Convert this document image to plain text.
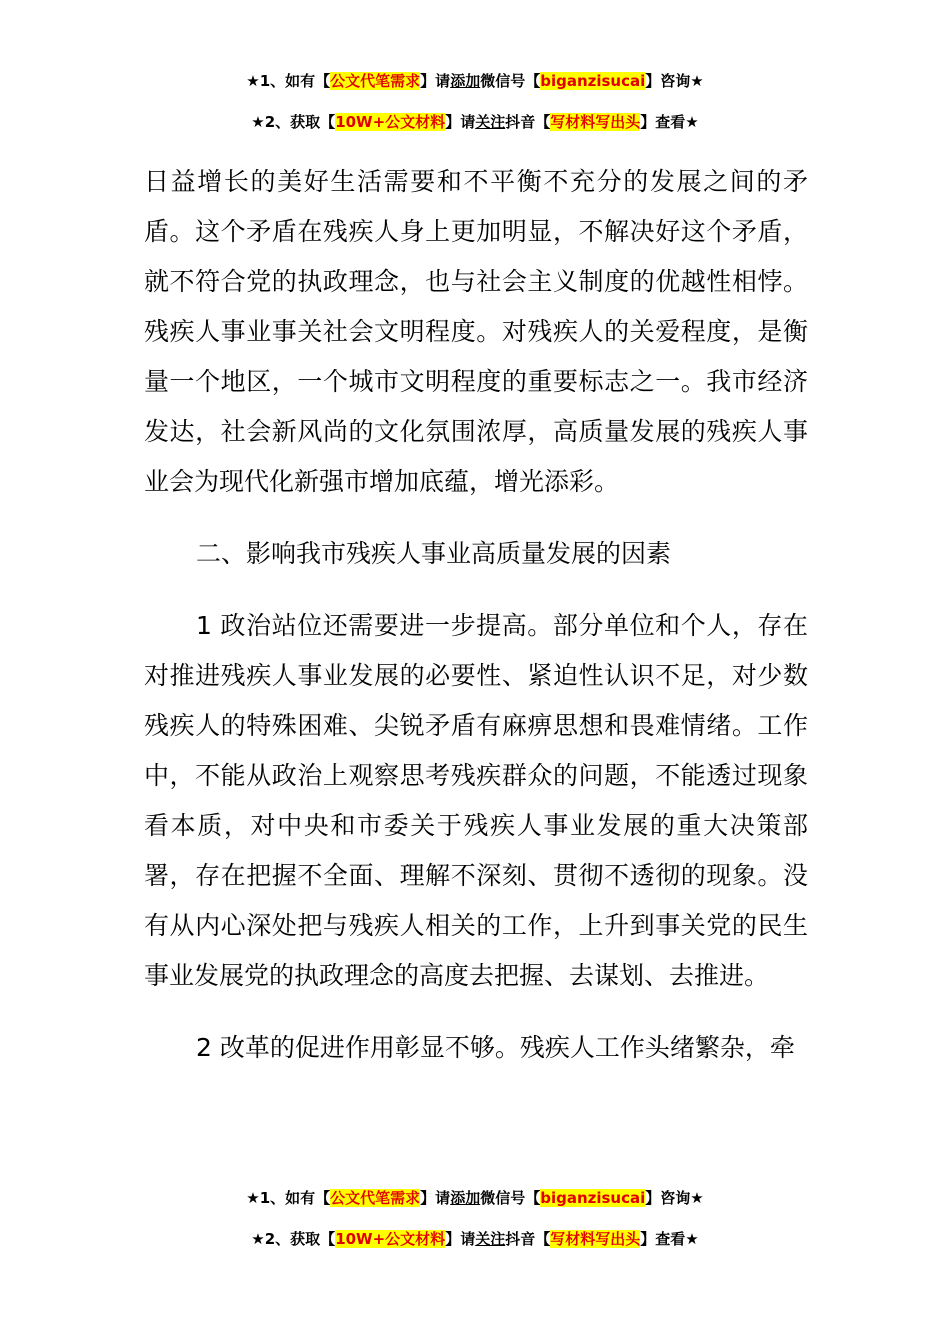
★1、如有【公文代笔需求】请添加微信号【biganzisucai】咨询★
★2、获取【10W+公文材料】请关注抖音【写材料写出头】查看★

日益增长的美好生活需要和不平衡不充分的发展之间的矛盾。这个矛盾在残疾人身上更加明显，不解决好这个矛盾，就不符合党的执政理念，也与社会主义制度的优越性相悖。残疾人事业事关社会文明程度。对残疾人的关爱程度，是衡量一个地区，一个城市文明程度的重要标志之一。我市经济发达，社会新风尚的文化氛围浓厚，高质量发展的残疾人事业会为现代化新强市增加底蕴，增光添彩。

二、影响我市残疾人事业高质量发展的因素

1 政治站位还需要进一步提高。部分单位和个人，存在对推进残疾人事业发展的必要性、紧迫性认识不足，对少数残疾人的特殊困难、尖锐矛盾有麻痹思想和畏难情绪。工作中，不能从政治上观察思考残疾群众的问题，不能透过现象看本质，对中央和市委关于残疾人事业发展的重大决策部署，存在把握不全面、理解不深刻、贯彻不透彻的现象。没有从内心深处把与残疾人相关的工作，上升到事关党的民生事业发展党的执政理念的高度去把握、去谋划、去推进。

2 改革的促进作用彰显不够。残疾人工作头绪繁杂，牵

★1、如有【公文代笔需求】请添加微信号【biganzisucai】咨询★
★2、获取【10W+公文材料】请关注抖音【写材料写出头】查看★
